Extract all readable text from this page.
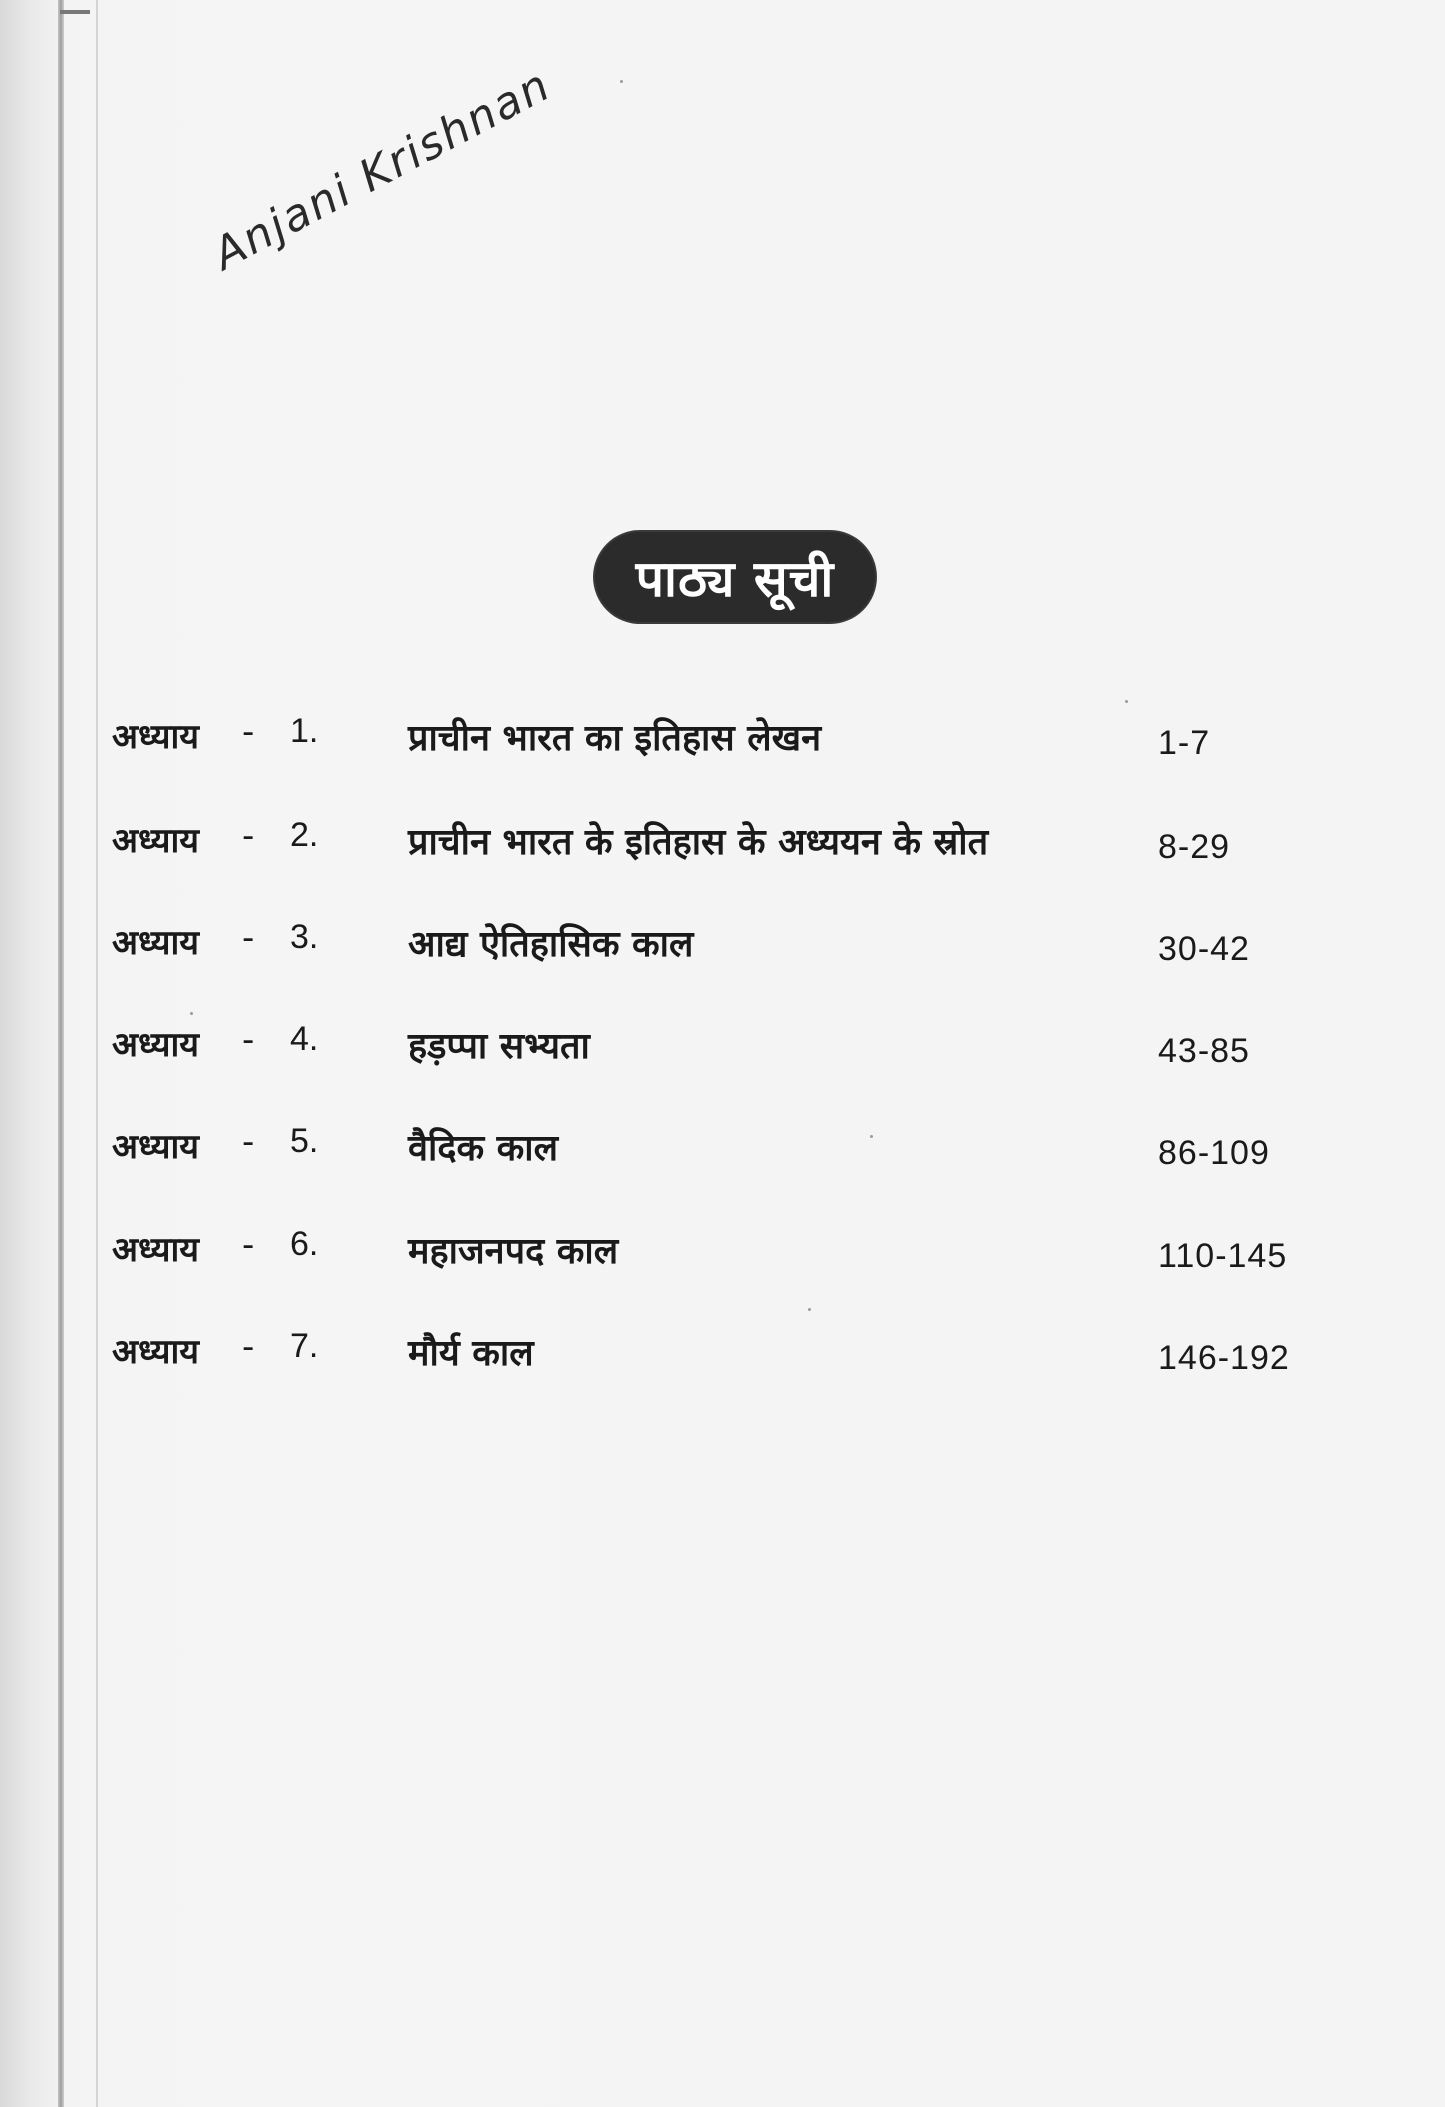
Anjani Krishnan
पाठ्य सूची
अध्याय - 1. प्राचीन भारत का इतिहास लेखन	1-7
अध्याय - 2. प्राचीन भारत के इतिहास के अध्ययन के स्रोत	8-29
अध्याय - 3. आद्य ऐतिहासिक काल	30-42
अध्याय - 4. हड़प्पा सभ्यता	43-85
अध्याय - 5. वैदिक काल	86-109
अध्याय - 6. महाजनपद काल	110-145
अध्याय - 7. मौर्य काल	146-192
